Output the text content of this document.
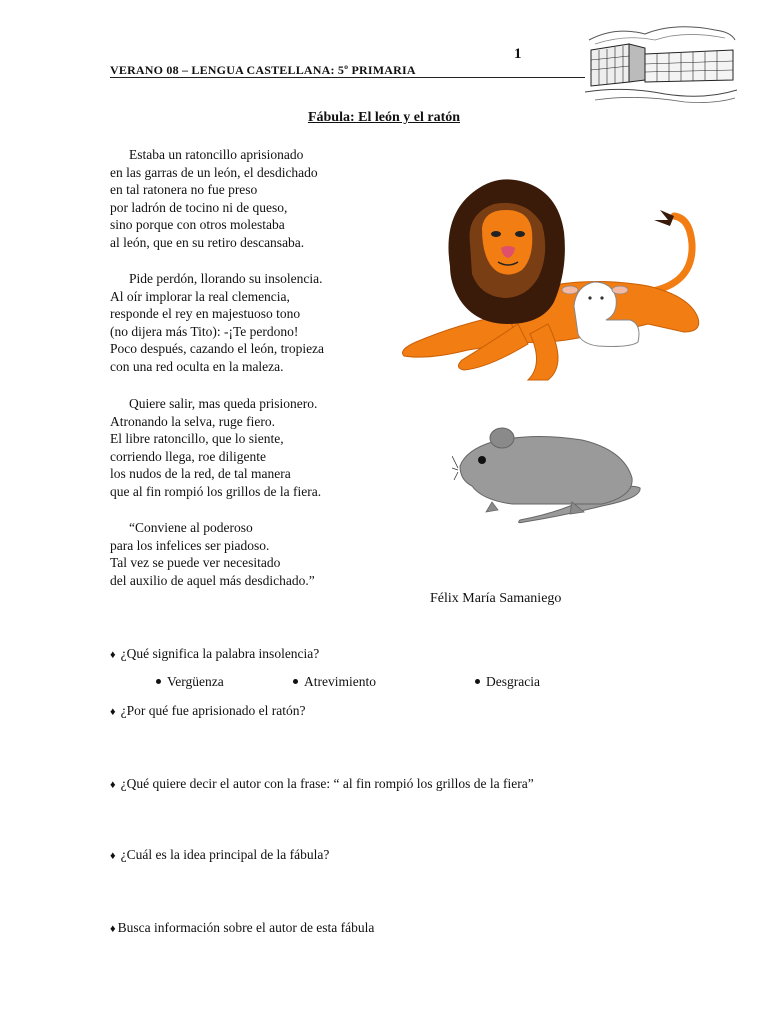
VERANO 08 – LENGUA CASTELLANA: 5º PRIMARIA
1
Fábula: El león y el ratón
Estaba un ratoncillo aprisionado
en las garras de un león, el desdichado
en tal ratonera no fue preso
por ladrón de tocino ni de queso,
sino porque con otros molestaba
al león, que en su retiro descansaba.
Pide perdón, llorando su insolencia.
Al oír implorar la real clemencia,
responde el rey en majestuoso tono
(no dijera más Tito): -¡Te perdono!
Poco después, cazando el león, tropieza
con una red oculta en la maleza.
Quiere salir, mas queda prisionero.
Atronando la selva, ruge fiero.
El libre ratoncillo, que lo siente,
corriendo llega, roe diligente
los nudos de la red, de tal manera
que al fin rompió los grillos de la fiera.
“Conviene al poderoso
para los infelices ser piadoso.
Tal vez se puede ver necesitado
del auxilio de aquel más desdichado.”
Félix María Samaniego
♦ ¿Qué significa la palabra insolencia?
Vergüenza	Atrevimiento	Desgracia
♦ ¿Por qué fue aprisionado el ratón?
♦ ¿Qué quiere decir el autor con la frase: “ al fin rompió los grillos de la fiera”
♦ ¿Cuál es la idea principal de la fábula?
♦ Busca información sobre el autor de esta fábula
